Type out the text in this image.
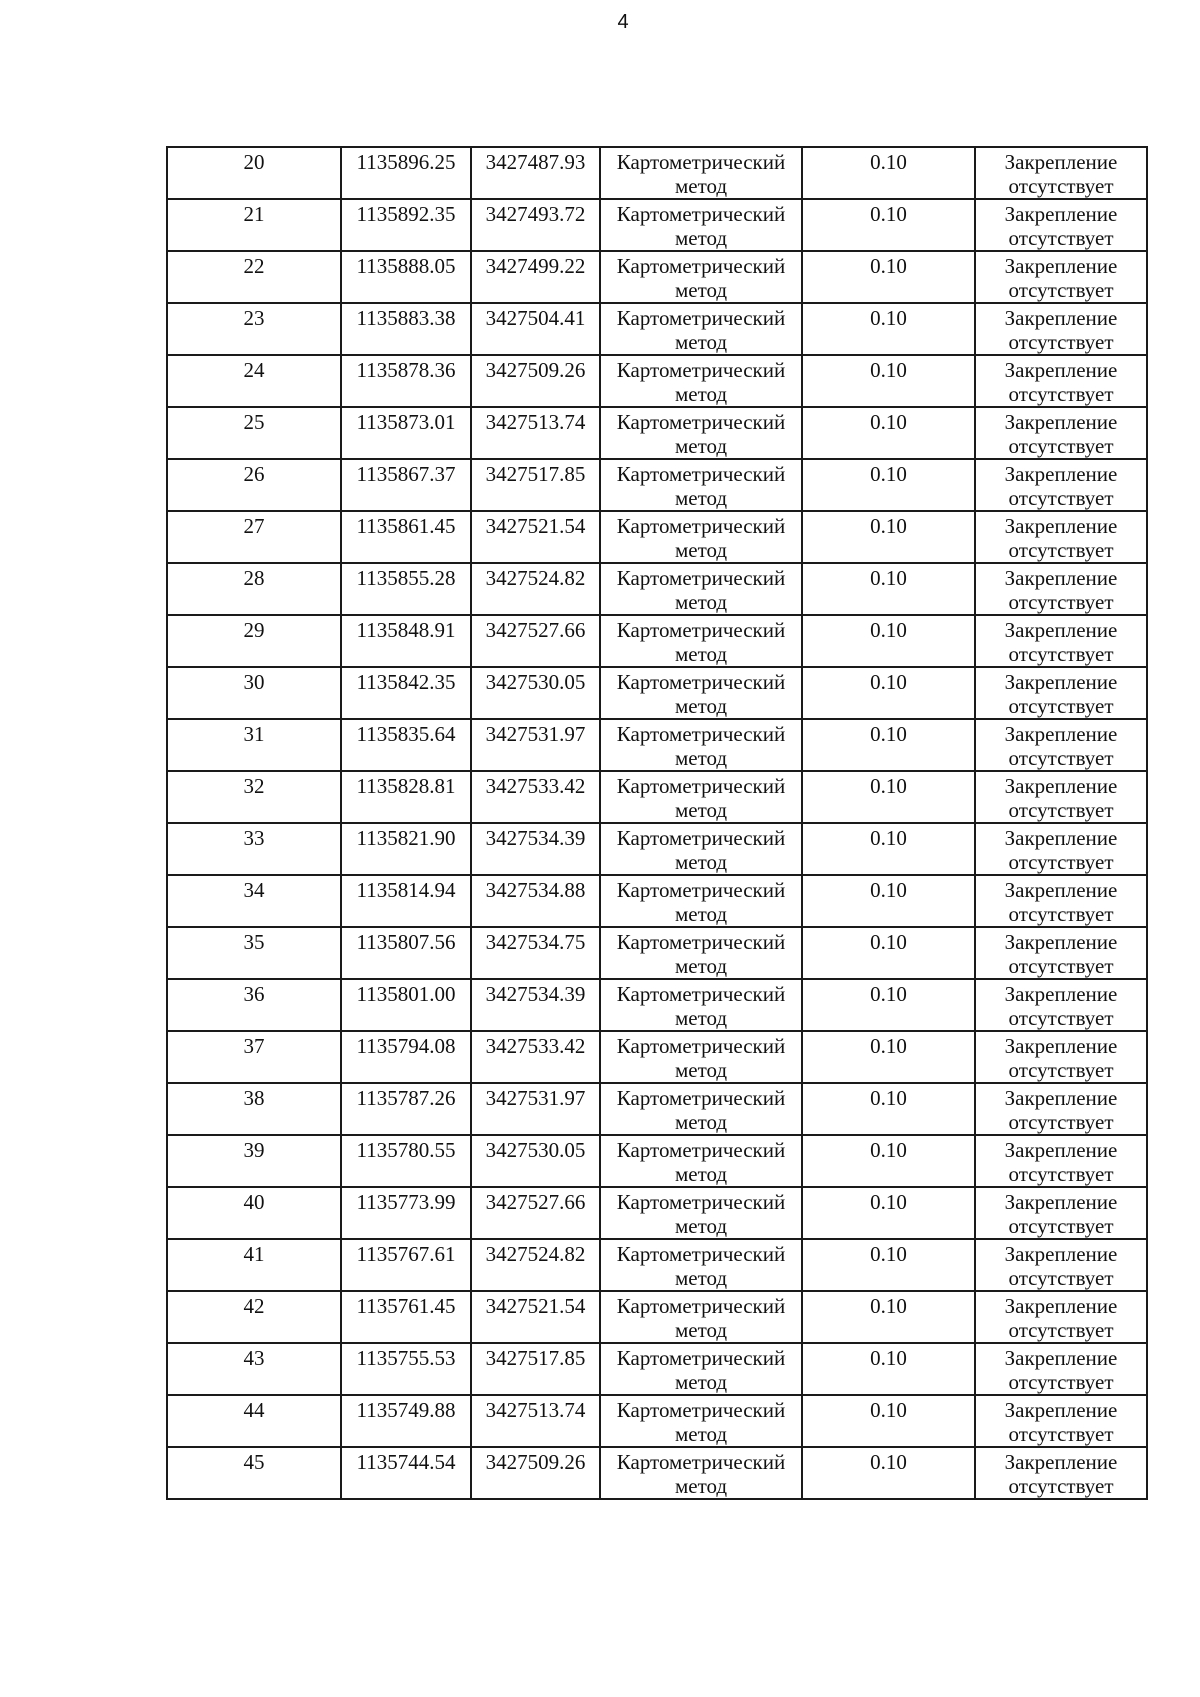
4
20	1135896.25	3427487.93	Картометрический метод	0.10	Закрепление отсутствует
21	1135892.35	3427493.72	Картометрический метод	0.10	Закрепление отсутствует
22	1135888.05	3427499.22	Картометрический метод	0.10	Закрепление отсутствует
23	1135883.38	3427504.41	Картометрический метод	0.10	Закрепление отсутствует
24	1135878.36	3427509.26	Картометрический метод	0.10	Закрепление отсутствует
25	1135873.01	3427513.74	Картометрический метод	0.10	Закрепление отсутствует
26	1135867.37	3427517.85	Картометрический метод	0.10	Закрепление отсутствует
27	1135861.45	3427521.54	Картометрический метод	0.10	Закрепление отсутствует
28	1135855.28	3427524.82	Картометрический метод	0.10	Закрепление отсутствует
29	1135848.91	3427527.66	Картометрический метод	0.10	Закрепление отсутствует
30	1135842.35	3427530.05	Картометрический метод	0.10	Закрепление отсутствует
31	1135835.64	3427531.97	Картометрический метод	0.10	Закрепление отсутствует
32	1135828.81	3427533.42	Картометрический метод	0.10	Закрепление отсутствует
33	1135821.90	3427534.39	Картометрический метод	0.10	Закрепление отсутствует
34	1135814.94	3427534.88	Картометрический метод	0.10	Закрепление отсутствует
35	1135807.56	3427534.75	Картометрический метод	0.10	Закрепление отсутствует
36	1135801.00	3427534.39	Картометрический метод	0.10	Закрепление отсутствует
37	1135794.08	3427533.42	Картометрический метод	0.10	Закрепление отсутствует
38	1135787.26	3427531.97	Картометрический метод	0.10	Закрепление отсутствует
39	1135780.55	3427530.05	Картометрический метод	0.10	Закрепление отсутствует
40	1135773.99	3427527.66	Картометрический метод	0.10	Закрепление отсутствует
41	1135767.61	3427524.82	Картометрический метод	0.10	Закрепление отсутствует
42	1135761.45	3427521.54	Картометрический метод	0.10	Закрепление отсутствует
43	1135755.53	3427517.85	Картометрический метод	0.10	Закрепление отсутствует
44	1135749.88	3427513.74	Картометрический метод	0.10	Закрепление отсутствует
45	1135744.54	3427509.26	Картометрический метод	0.10	Закрепление отсутствует
